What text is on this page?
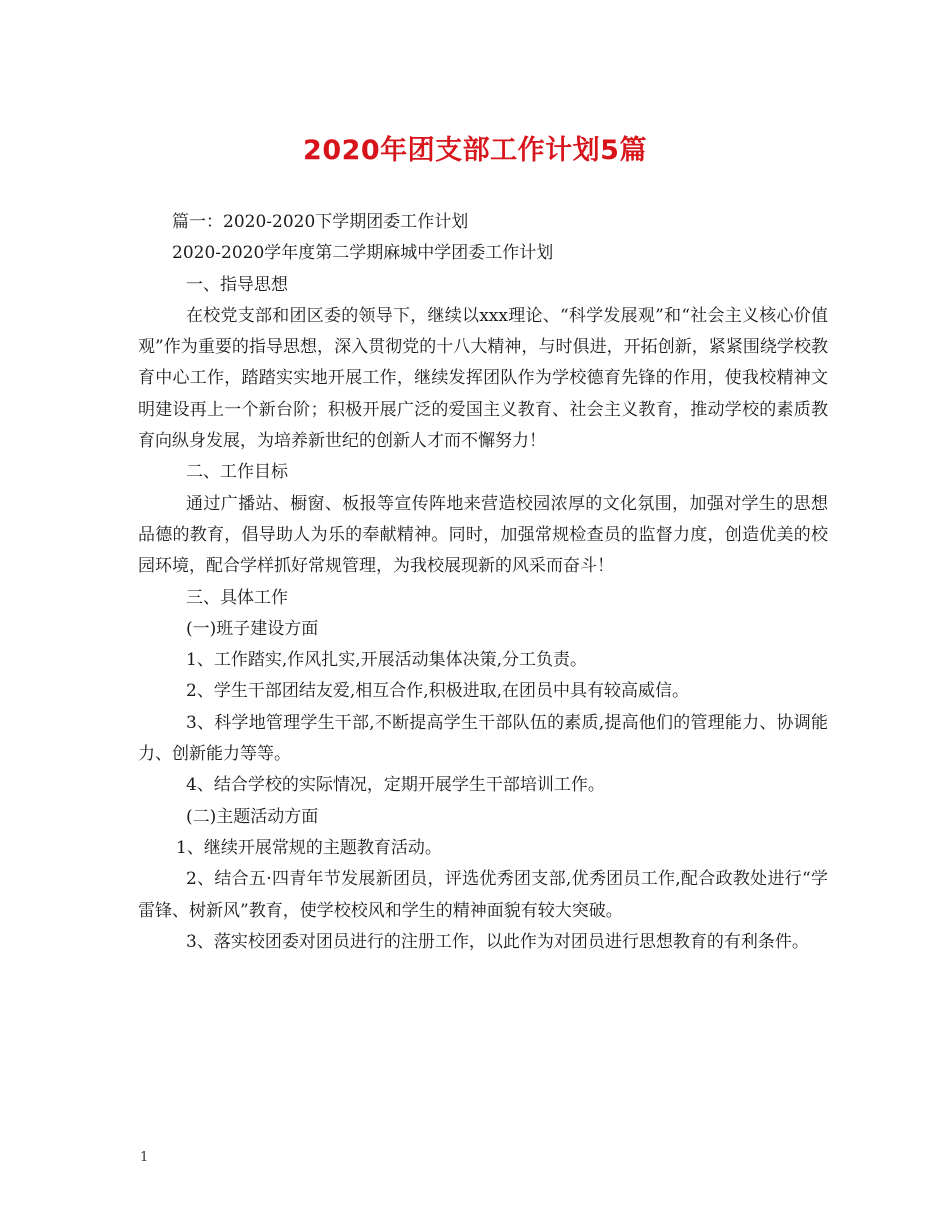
2020年团支部工作计划5篇

篇一：2020-2020下学期团委工作计划

2020-2020学年度第二学期麻城中学团委工作计划

一、指导思想

在校党支部和团区委的领导下，继续以xxx理论、“科学发展观”和“社会主义核心价值观”作为重要的指导思想，深入贯彻党的十八大精神，与时俱进，开拓创新，紧紧围绕学校教育中心工作，踏踏实实地开展工作，继续发挥团队作为学校德育先锋的作用，使我校精神文明建设再上一个新台阶；积极开展广泛的爱国主义教育、社会主义教育，推动学校的素质教育向纵身发展，为培养新世纪的创新人才而不懈努力！

二、工作目标

通过广播站、橱窗、板报等宣传阵地来营造校园浓厚的文化氛围，加强对学生的思想品德的教育，倡导助人为乐的奉献精神。同时，加强常规检查员的监督力度，创造优美的校园环境，配合学样抓好常规管理，为我校展现新的风采而奋斗！

三、具体工作

(一)班子建设方面

1、工作踏实,作风扎实,开展活动集体决策,分工负责。

2、学生干部团结友爱,相互合作,积极进取,在团员中具有较高威信。

3、科学地管理学生干部,不断提高学生干部队伍的素质,提高他们的管理能力、协调能力、创新能力等等。

4、结合学校的实际情况，定期开展学生干部培训工作。

(二)主题活动方面

1、继续开展常规的主题教育活动。

2、结合五·四青年节发展新团员，评选优秀团支部,优秀团员工作,配合政教处进行“学雷锋、树新风”教育，使学校校风和学生的精神面貌有较大突破。

3、落实校团委对团员进行的注册工作，以此作为对团员进行思想教育的有利条件。

1
